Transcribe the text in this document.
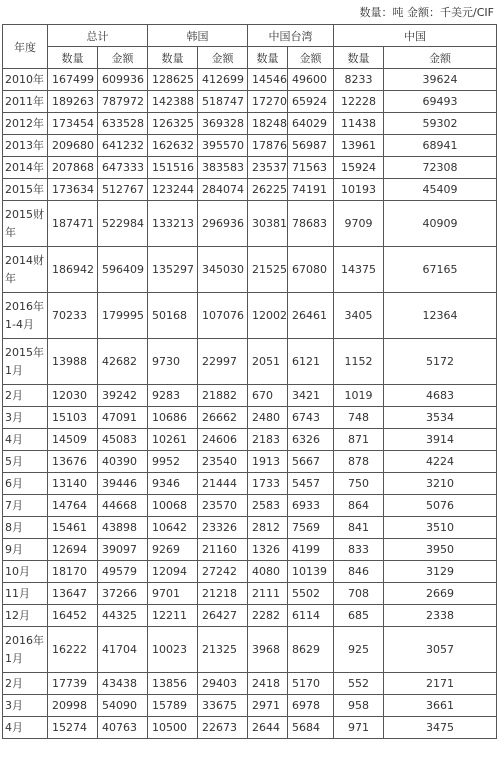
数量：吨 金额：千美元/CIF
年度	总计		韩国		中国台湾		中国	
	数量	金额	数量	金额	数量	金额	数量	金额
2010年	167499	609936	128625	412699	14546	49600	8233	39624
2011年	189263	787972	142388	518747	17270	65924	12228	69493
2012年	173454	633528	126325	369328	18248	64029	11438	59302
2013年	209680	641232	162632	395570	17876	56987	13961	68941
2014年	207868	647333	151516	383583	23537	71563	15924	72308
2015年	173634	512767	123244	284074	26225	74191	10193	45409
2015财年	187471	522984	133213	296936	30381	78683	9709	40909
2014财年	186942	596409	135297	345030	21525	67080	14375	67165
2016年1-4月	70233	179995	50168	107076	12002	26461	3405	12364
2015年1月	13988	42682	9730	22997	2051	6121	1152	5172
2月	12030	39242	9283	21882	670	3421	1019	4683
3月	15103	47091	10686	26662	2480	6743	748	3534
4月	14509	45083	10261	24606	2183	6326	871	3914
5月	13676	40390	9952	23540	1913	5667	878	4224
6月	13140	39446	9346	21444	1733	5457	750	3210
7月	14764	44668	10068	23570	2583	6933	864	5076
8月	15461	43898	10642	23326	2812	7569	841	3510
9月	12694	39097	9269	21160	1326	4199	833	3950
10月	18170	49579	12094	27242	4080	10139	846	3129
11月	13647	37266	9701	21218	2111	5502	708	2669
12月	16452	44325	12211	26427	2282	6114	685	2338
2016年1月	16222	41704	10023	21325	3968	8629	925	3057
2月	17739	43438	13856	29403	2418	5170	552	2171
3月	20998	54090	15789	33675	2971	6978	958	3661
4月	15274	40763	10500	22673	2644	5684	971	3475
